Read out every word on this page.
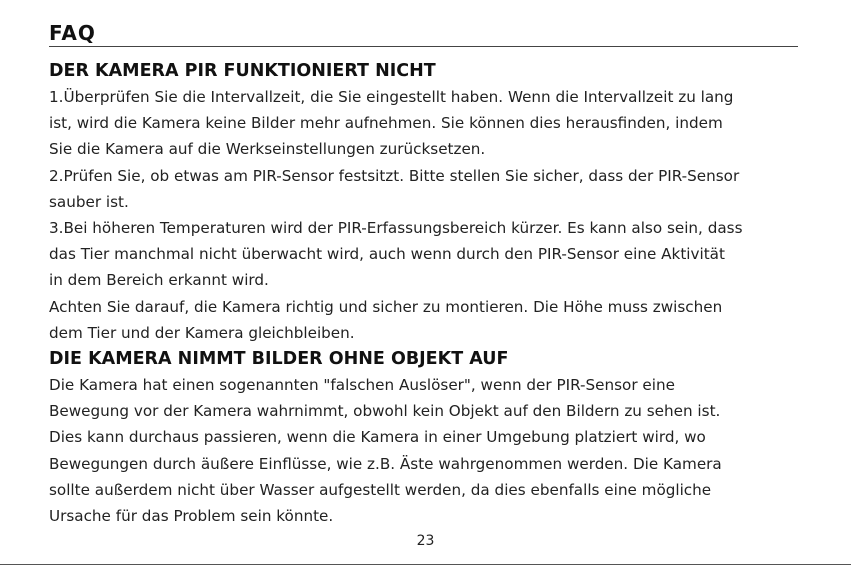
FAQ
DER KAMERA PIR FUNKTIONIERT NICHT

1.Überprüfen Sie die Intervallzeit, die Sie eingestellt haben. Wenn die Intervallzeit zu lang
ist, wird die Kamera keine Bilder mehr aufnehmen. Sie können dies herausfinden, indem
Sie die Kamera auf die Werkseinstellungen zurücksetzen.

2.Prüfen Sie, ob etwas am PIR-Sensor festsitzt. Bitte stellen Sie sicher, dass der PIR-Sensor
sauber ist.

3.Bei höheren Temperaturen wird der PIR-Erfassungsbereich kürzer. Es kann also sein, dass
das Tier manchmal nicht überwacht wird, auch wenn durch den PIR-Sensor eine Aktivität
in dem Bereich erkannt wird.

Achten Sie darauf, die Kamera richtig und sicher zu montieren. Die Höhe muss zwischen
dem Tier und der Kamera gleichbleiben.

DIE KAMERA NIMMT BILDER OHNE OBJEKT AUF

Die Kamera hat einen sogenannten "falschen Auslöser", wenn der PIR-Sensor eine
Bewegung vor der Kamera wahrnimmt, obwohl kein Objekt auf den Bildern zu sehen ist.
Dies kann durchaus passieren, wenn die Kamera in einer Umgebung platziert wird, wo
Bewegungen durch äußere Einflüsse, wie z.B. Äste wahrgenommen werden. Die Kamera
sollte außerdem nicht über Wasser aufgestellt werden, da dies ebenfalls eine mögliche
Ursache für das Problem sein könnte.

23
